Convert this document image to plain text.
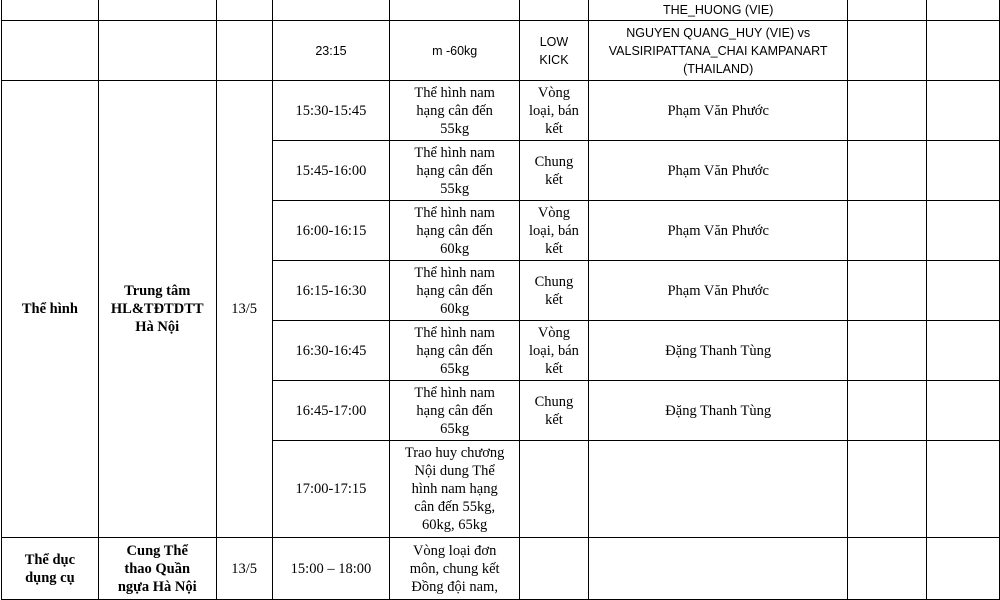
						THE_HUONG (VIE)		

			23:15	m -60kg	LOW KICK	NGUYEN QUANG_HUY (VIE) vs
VALSIRIPATTANA_CHAI KAMPANART
(THAILAND)		

Thể hình	Trung tâm
HL&TĐTDTT
Hà Nội	13/5	15:30-15:45	Thể hình nam
hạng cân đến
55kg	Vòng
loại, bán
kết	Phạm Văn Phước		
			15:45-16:00	Thể hình nam
hạng cân đến
55kg	Chung
kết	Phạm Văn Phước		
			16:00-16:15	Thể hình nam
hạng cân đến
60kg	Vòng
loại, bán
kết	Phạm Văn Phước		
			16:15-16:30	Thể hình nam
hạng cân đến
60kg	Chung
kết	Phạm Văn Phước		
			16:30-16:45	Thể hình nam
hạng cân đến
65kg	Vòng
loại, bán
kết	Đặng Thanh Tùng		
			16:45-17:00	Thể hình nam
hạng cân đến
65kg	Chung
kết	Đặng Thanh Tùng		
			17:00-17:15	Trao huy chương
Nội dung Thể
hình nam hạng
cân đến 55kg,
60kg, 65kg				

Thể dục
dụng cụ	Cung Thể
thao Quần
ngựa Hà Nội	13/5	15:00 – 18:00	Vòng loại đơn
môn, chung kết
Đồng đội nam,				
